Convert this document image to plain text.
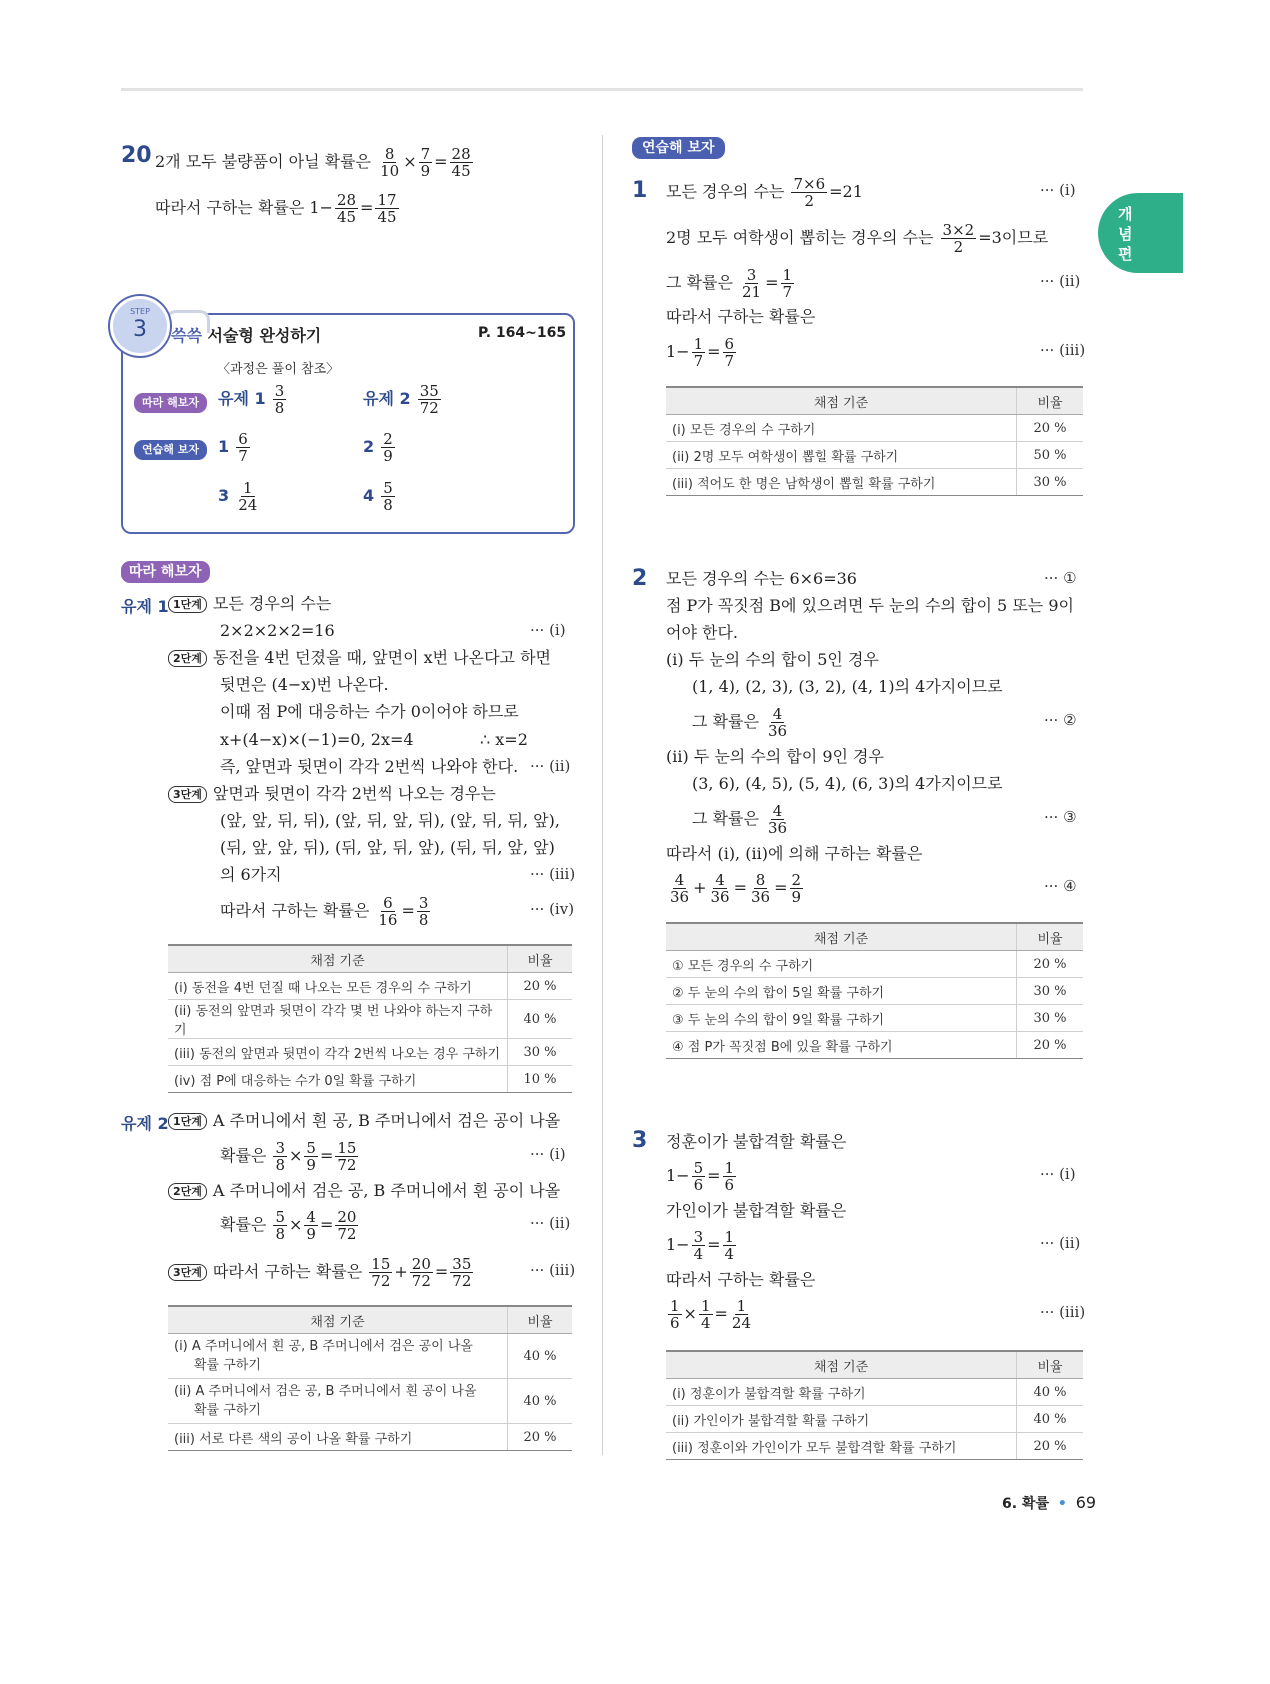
개
념
편
20 2개 모두 불량품이 아닐 확률은 $\frac{8}{10} \times \frac{7}{9} = \frac{28}{45}$
따라서 구하는 확률은 $1- \frac{28}{45} = \frac{17}{45}$
STEP
3	쓱쓱 서술형 완성하기	P. 164~165
〈과정은 풀이 참조〉
따라 해보자	유제 $1 \frac{3}{8}$	유제 $2 \frac{35}{72}$
연습해 보자	$1 \frac{6}{7}$	$2 \frac{2}{9}$
$3 \frac{1}{24}$	$4 \frac{5}{8}$
따라 해보자
유제 1 1단계 모든 경우의 수는
2×2×2×2=16	··· (i)
2단계 동전을 4번 던졌을 때, 앞면이 x번 나온다고 하면
뒷면은 (4−x)번 나온다.
이때 점 P에 대응하는 수가 0이어야 하므로
x+(4−x)×(−1)=0, 2x=4	∴ x=2
즉, 앞면과 뒷면이 각각 2번씩 나와야 한다. ··· (ii)
3단계 앞면과 뒷면이 각각 2번씩 나오는 경우는
(앞, 앞, 뒤, 뒤), (앞, 뒤, 앞, 뒤), (앞, 뒤, 뒤, 앞),
(뒤, 앞, 앞, 뒤), (뒤, 앞, 뒤, 앞), (뒤, 뒤, 앞, 앞)
의 6가지	··· (iii)
따라서 구하는 확률은 $\frac{6}{16} = \frac{3}{8}$	··· (iv)
채점 기준	비율
(i) 동전을 4번 던질 때 나오는 모든 경우의 수 구하기	20 %
(ii) 동전의 앞면과 뒷면이 각각 몇 번 나와야 하는지 구하기	40 %
(iii) 동전의 앞면과 뒷면이 각각 2번씩 나오는 경우 구하기	30 %
(iv) 점 P에 대응하는 수가 0일 확률 구하기	10 %
유제 2 1단계 A 주머니에서 흰 공, B 주머니에서 검은 공이 나올
확률은 $\frac{3}{8} \times \frac{5}{9} = \frac{15}{72}$	··· (i)
2단계 A 주머니에서 검은 공, B 주머니에서 흰 공이 나올
확률은 $\frac{5}{8} \times \frac{4}{9} = \frac{20}{72}$	··· (ii)
3단계 따라서 구하는 확률은 $\frac{15}{72} + \frac{20}{72} = \frac{35}{72}$	··· (iii)
채점 기준	비율

(i) A 주머니에서 흰 공, B 주머니에서 검은 공이 나올
확률 구하기	40 %

(ii) A 주머니에서 검은 공, B 주머니에서 흰 공이 나올
확률 구하기	40 %
(iii) 서로 다른 색의 공이 나올 확률 구하기	20 %
연습해 보자
1 모든 경우의 수는 $\frac{7\times 6}{2} =21$	··· (i)
2명 모두 여학생이 뽑히는 경우의 수는 $\frac{3\times 2}{2} =3$이므로
그 확률은 $\frac{3}{21} = \frac{1}{7}$	··· (ii)
따라서 구하는 확률은
$1- \frac{1}{7} = \frac{6}{7}$	··· (iii)
채점 기준	비율
(i) 모든 경우의 수 구하기	20 %
(ii) 2명 모두 여학생이 뽑힐 확률 구하기	50 %
(iii) 적어도 한 명은 남학생이 뽑힐 확률 구하기	30 %
2 모든 경우의 수는 6×6=36	··· ①
점 P가 꼭짓점 B에 있으려면 두 눈의 수의 합이 5 또는 9이
어야 한다.
(i) 두 눈의 수의 합이 5인 경우
(1, 4), (2, 3), (3, 2), (4, 1)의 4가지이므로
그 확률은 $\frac{4}{36}$	··· ②
(ii) 두 눈의 수의 합이 9인 경우
(3, 6), (4, 5), (5, 4), (6, 3)의 4가지이므로
그 확률은 $\frac{4}{36}$	··· ③
따라서 (i), (ii)에 의해 구하는 확률은
$\frac{4}{36} + \frac{4}{36} = \frac{8}{36} = \frac{2}{9}$	··· ④
채점 기준	비율
① 모든 경우의 수 구하기	20 %
② 두 눈의 수의 합이 5일 확률 구하기	30 %
③ 두 눈의 수의 합이 9일 확률 구하기	30 %
④ 점 P가 꼭짓점 B에 있을 확률 구하기	20 %
3 정훈이가 불합격할 확률은
$1- \frac{5}{6} = \frac{1}{6}$	··· (i)
가인이가 불합격할 확률은
$1- \frac{3}{4} = \frac{1}{4}$	··· (ii)
따라서 구하는 확률은
$\frac{1}{6} \times \frac{1}{4} = \frac{1}{24}$	··· (iii)
채점 기준	비율
(i) 정훈이가 불합격할 확률 구하기	40 %
(ii) 가인이가 불합격할 확률 구하기	40 %
(iii) 정훈이와 가인이가 모두 불합격할 확률 구하기	20 %
6. 확률 • 69
